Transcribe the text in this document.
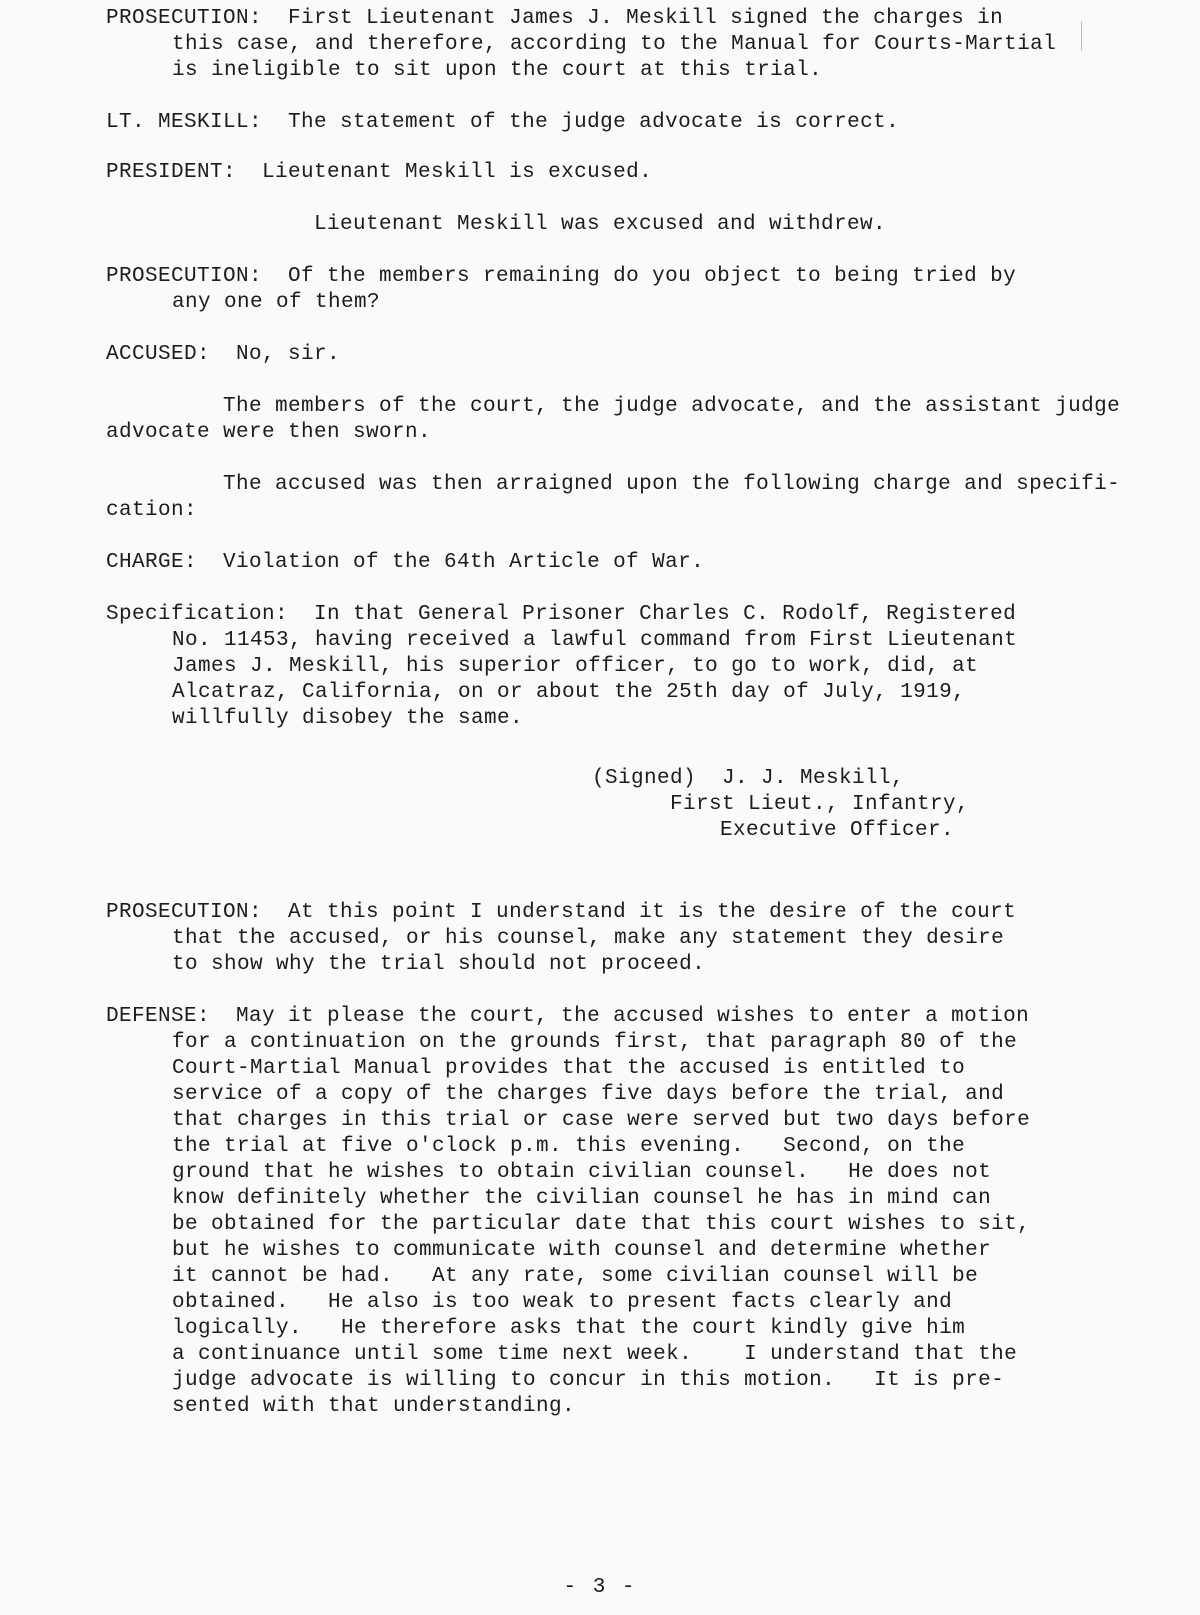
PROSECUTION:  First Lieutenant James J. Meskill signed the charges in
this case, and therefore, according to the Manual for Courts-Martial
is ineligible to sit upon the court at this trial.
LT. MESKILL:  The statement of the judge advocate is correct.
PRESIDENT:  Lieutenant Meskill is excused.
Lieutenant Meskill was excused and withdrew.
PROSECUTION:  Of the members remaining do you object to being tried by
any one of them?
ACCUSED:  No, sir.
The members of the court, the judge advocate, and the assistant judge
advocate were then sworn.
The accused was then arraigned upon the following charge and specifi-
cation:
CHARGE:  Violation of the 64th Article of War.
Specification:  In that General Prisoner Charles C. Rodolf, Registered
No. 11453, having received a lawful command from First Lieutenant
James J. Meskill, his superior officer, to go to work, did, at
Alcatraz, California, on or about the 25th day of July, 1919,
willfully disobey the same.
(Signed)  J. J. Meskill,
First Lieut., Infantry,
Executive Officer.
PROSECUTION:  At this point I understand it is the desire of the court
that the accused, or his counsel, make any statement they desire
to show why the trial should not proceed.
DEFENSE:  May it please the court, the accused wishes to enter a motion
for a continuation on the grounds first, that paragraph 80 of the
Court-Martial Manual provides that the accused is entitled to
service of a copy of the charges five days before the trial, and
that charges in this trial or case were served but two days before
the trial at five o'clock p.m. this evening.   Second, on the
ground that he wishes to obtain civilian counsel.   He does not
know definitely whether the civilian counsel he has in mind can
be obtained for the particular date that this court wishes to sit,
but he wishes to communicate with counsel and determine whether
it cannot be had.   At any rate, some civilian counsel will be
obtained.   He also is too weak to present facts clearly and
logically.   He therefore asks that the court kindly give him
a continuance until some time next week.    I understand that the
judge advocate is willing to concur in this motion.   It is pre-
sented with that understanding.
- 3 -
